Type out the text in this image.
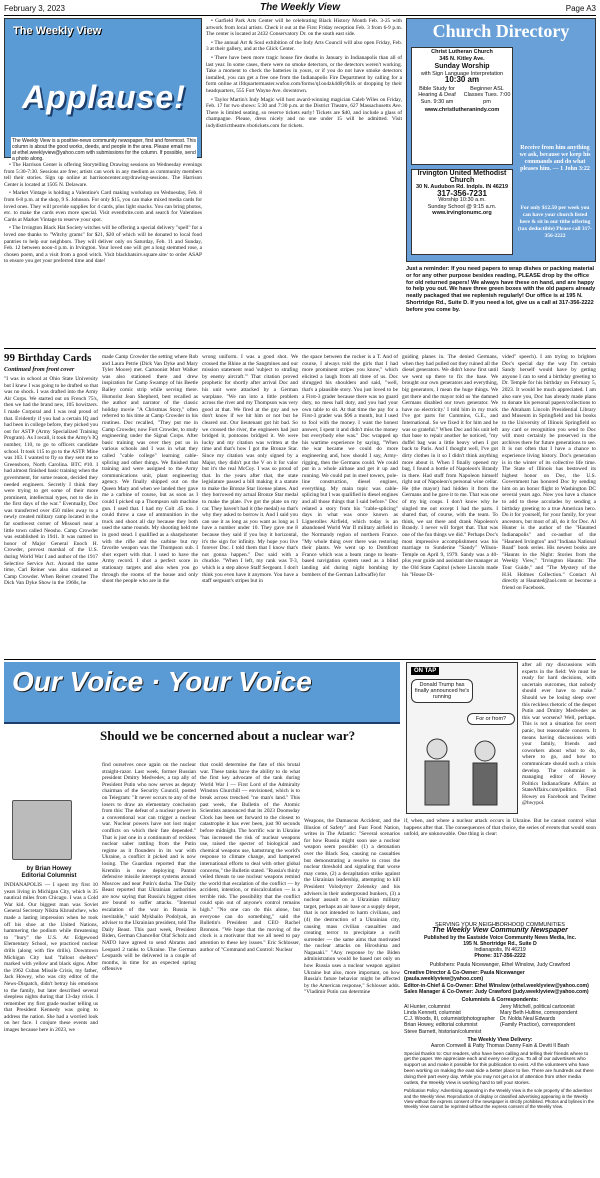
February 3, 2023	The Weekly View	Page A3
The Weekly View
Applause!
The Weekly View is a positive-news community newspaper, first and foremost. This column is about the good works, deeds, and people in the area. Please email me at ethel.weeklyview@yahoo.com with submissions for the column. If possible, send a photo along.

• The Harrison Center is offering Storytelling Drawing sessions on Wednesday evenings from 5:30-7:30. Sessions are free; artists can work in any medium as community members tell their stories. Sign up online at harrisoncenter.org/drawing-sessions. The Harrison Center is located at 1505 N. Delaware.

• Market Vintage is holding a Valentine's Card making workshop on Wednesday, Feb. 8 from 6-8 p.m. at the shop, 9 S. Johnson. For only $15, you can make mixed media cards for loved ones. They will provide supplies for 4 cards, plus light snacks. You can bring photos, etc. to make the cards even more special. Visit eventbrite.com and search for Valentines Cards at Market Vintage to reserve your spot.

• The Irvington Black Hat Society witches will be offering a special delivery "spell" for a loved one thanks to "Witchy grams" for $21, $20 of which will be donated to local food pantries to help our neighbors. They will deliver only on Saturday, Feb. 11 and Sunday, Feb. 12 between noon-4 p.m. in Irvington. Your loved one will get a long stemmed rose, a chosen poem, and a visit from a good witch. Visit blackhatsirv.square.site/ to order ASAP to ensure you get your preferred time and date!

• Garfield Park Arts Center will be celebrating Black History Month Feb. 3-25 with artwork from local artists. Check it out at the First Friday reception Feb. 3 from 6-9 p.m. The center is located at 2432 Conservatory Dr. on the south east side.

• The annual Art & Soul exhibition of the Indy Arts Council will also open Friday, Feb. 3 at their gallery, and at the Glick Center.

• There have been more tragic house fire deaths in January in Indianapolis than all of last year. In some cases, there were no smoke detectors, or the detectors weren't working. Take a moment to check the batteries in yours, or if you do not have smoke detectors installed, you can get a free one from the Indianapolis Fire Department by calling for a form online at ifdquartermaster.wufoo.com/forms/q1oo4zk4d0y9h1k or dropping by their headquarters, 555 Fort Wayne Ave. downtown.

• Taylor Martin's Indy Magic will host award-winning magician Caleb Wiles on Friday, Feb. 17 for two shows: 5:30 and 7:30 p.m. at the District Theatre, 627 Massachusetts Ave. There is limited seating, so reserve tickets early! Tickets are $40, and include a glass of champagne. Please, dress nicely and no one under 15 will be admitted. Visit indydistricttheatre.vbotickets.com for tickets.

Church Directory
Christ Lutheran Church
345 N. Kitley Ave.
Sunday Worship
with Sign Language Interpretation
10:30 am
Bible Study for Hearing & Deaf Sun. 9:30 am
Beginner ASL Classes Tues. 7:00 pm
www.christlutheranindy.com
Receive from him anything we ask, because we keep his commands and do what pleases him. — 1 John 3:22
Irvington United Methodist Church
30 N. Audubon Rd. Indpls. IN 46219
317-356-7231
Worship 10:30 a.m.
Sunday School @ 9:15 a.m.
www.irvingtonumc.org
For only $12.50 per week you can have your church listed here & sit in our tithe offering (tax deductible) Please call 317-356-2222
Just a reminder: If you need papers to wrap dishes or packing material or for any other purpose besides reading, PLEASE drop by the office for old returned papers! We always have these on hand, and are happy to help you out. We have three green boxes with the old papers already neatly packaged that we replenish regularly! Our office is at 195 N. Shortridge Rd., Suite D. If you need a lot, give us a call at 317-356-2222 before you come by.
99 Birthday Cards
Continued from front cover
"I was in school at Ohio State University but I knew I was going to be drafted so that was no shock. I was drafted into the Army Air Corps. We started out on French 75's, then we had the brand new, 105 howitzers. I made Corporal and I was real proud of that. Evidently if you had a certain IQ and had been in college before, they picked you out for ASTP (Army Specialized Training Program). As I recall, it took the Army's IQ number, 110, to go to officers candidate school. It took 115 to go to the ASTP. Mine was 103. I wanted to fly so they sent me to Greensboro, North Carolina. BTC #10. I had almost finished basic training when the government, for some reason, decided they needed engineers. Secretly I think they were trying to get some of their more prominent, intellectual types, not to die in the first days of the war." Eventually, Doc was transferred over 450 miles away to a newly created military camp located in the far southwest corner of Missouri near a little town called Neosho. Camp Crowder was established in 1941. It was named in honor of Major General Enoch H. Crowder, provost marshal of the U.S. during World War I and author of the 1917 Selective Service Act. Around the same time, Carl Reiner was also stationed at Camp Crowder. When Reiner created The Dick Van Dyke Show in the 1960s, he
made Camp Crowder the setting where Rob and Laura Petrie (Dick Van Dyke and Mary Tyler Moore) met. Cartoonist Mort Walker was also stationed there and drew inspiration for Camp Swampy of his Beetle Bailey comic strip while serving there. Humorist Jean Shepherd, best recalled as the author and narrator of the classic holiday movie "A Christmas Story," often referred to his time at Camp Crowder in his routines. Doc recalled, "They put me in Camp Crowder, now Fort Crowder, to study engineering under the Signal Corps. After basic training was over they put us in various schools and I was in what they called "cable college" learning cable-splicing and other things. We finished that training and were assigned to the Army communications unit, plant engineering agency. We finally shipped out on the Queen Mary and when we landed they gave me a carbine of course, but as soon as I could I picked up a Thompson sub machine gun. I used that. I had my Colt .45 too. I could throw a case of ammunition in the truck and shoot all day because they both used the same rounds. My shooting held me in good stead. I qualified as a sharpshooter with the rifle and the carbine but my favorite weapon was the Thompson sub. I shot expert with that. I used to have the Army record. I shot a perfect score in stationary targets and also when you go through the rooms of the house and only shoot the people who are in the
wrong uniform. I was a good shot. We crossed the Rhine at the Sangmines and our mission statement read 'subject to strafing by enemy aircraft.'" That citation proved prophetic for shortly after arrival Doc and his unit were attacked by a German warplane. "We ran into a little problem across the river and my Thompson was very good at that. We fired at the guy and we don't know if we hit him or not but he cleared out. Our lieutenant got hit bad. So we crossed the river, the engineers had just bridged it, pontoons bridged it. We were lucky and my citation was written at the time and that's how I got the Bronze Star. Since my citation was only signed by a Major, they didn't put the V on it for valor but it's the real McCoy. I was so proud of that. In the years after that, the state legislature passed a bill making it a statute to make the Bronze Star license plates. And they borrowed my actual Bronze Star medal to make the plate. I've got the plate on my car. They haven't had it (the medal) so that's why they asked to borrow it. And I said you can use it as long as you want as long as I have a number under 10. They gave me 8 because they said if you buy it horizontal, it's the sign for infinity. My hope you live forever Doc. I told them that I know that's not gonna happen." Doc said with a chuckle. "When I left, my rank was T-3, which is a step above Staff Sergeant. I don't think you even have it anymore. You have a staff sergeant's stripes but in
the space between the rocker is a T. And of course, I always told the girls that I had more prominent stripes you know," which elicited a laugh from all three of us. Doc shrugged his shoulders and said, "well, that's a plausible story. You just loved to be a First-3 grader because there was no guard duty, no mess hall duty, and you had your own table to sit. At that time the pay for a First-3 grader was $96 a month, but I used to fool with the money. I want the honest answer, I spent it and didn't miss the money but everybody else was." Doc wrapped up his wartime experience by saying, "When the war became we could do more engineering and, how should I say, Army-rigging, then the Germans could. We could put in a whole airbase and get it up and running. We could put in steel towers, pole-line construction, diesel engines, everything. My main topic was cable-splicing but I was qualified in diesel engines and all those things that I said before." Doc related a story from his "cable-splicing" days in what was once known as Lignerolles Airfield, which today is an abandoned World War II military airfield in the Normandy region of northern France. "My whole thing over there was restoring their plants. We went up to Domfront France which was a beam range to beam-based navigation system used as a blind landing aid during night bombing by bombers of the German Luftwaffe) for
guiding planes in. The denied Germans, when they had pulled out they ruined all the diesel generators. We didn't know first until we went up there to fix the base. We brought our own generators and everything, big generators, I mean the huge things. We got there and the mayor told us 'the damned Germans disabled our town generator. We have no electricity.' I told him in my truck I've got parts for Cummins, G.E., and International. So we fixed it for him and he was so grateful." When Doc and his unit left that base to repair another he noticed, "my duffel bag was a little heavy when I got back to Paris. And I thought well, I've got dirty clothes in it so I didn't think anything more about it. When I finally opened my bag, I found a bottle of Napoleon's Brandy in there. Had stuff from Napoleon himself right out of Napoleon's personal wine cellar. He (the mayor) had hidden it from the Germans and he gave it to me. That was one of my big coups. I don't know why he singled me out except I had the parts. I shared that, of course, with the team. To think, we sat there and drank Napoleon's Brandy. I never will forget that. That was one of the fun things we did." Perhaps Doc's most impressive accomplishment was his marriage to Sunderine "Sandy" Wilson-Temple on April 9, 1979. Sandy was a 40-plus year guide and assistant site manager at the Old State Capitol (where Lincoln made his "House Di-
vided" speech). I am trying to brighten Doc's special day the way I'm certain Sandy herself would have by getting anyone I can to send a birthday greeting to Dr. Temple for his birthday on February 5, 2023. It would be much appreciated. I am also sure you, Doc has already made plans to donate his personal papers/collections to the Abraham Lincoln Presidential Library and Museum in Springfield and his books to the University of Illinois Springfield so any card or recognition you send to Doc will most certainly be preserved in the archives there for future generations to see. It is not often that I have a chance to experience living history. Doc's generation is in the winter of its collective life time. The State of Illinois has bestowed its highest honor on Doc, the U.S. Government has honored Doc by sending him on an honor flight to Washington DC several years ago. Now you have a chance to add to these accolades by sending a birthday greeting to a true American hero. Do it for yourself, for your family, for your ancestors, but most of all, do it for Doc. Al Hunter is the author of the "Haunted Indianapolis" and co-author of the "Haunted Irvington" and "Indiana National Road" book series. His newest books are "Haunts in the Night: Stories from the Weekly View," "Irvington Haunts: The Tour Guide," and "The Mystery of the H.H. Holmes Collection." Contact Al directly at Haunted@aol.com or become a friend on Facebook.
Our Voice · Your Voice
Should we be concerned about a nuclear war?
ON TAP
Donald Trump has finally announced he's running
For or from?
after all my discussions with experts in the field: We must be ready for hard decisions, with uncertain outcomes, that nobody should ever have to make." Should we be losing sleep over this reckless rhetoric of the despot Putin and Dmitry Medvedev as this war worsens? Well, perhaps. This is not a situation for overt panic, but reasonable concern. It means having discussions with your family, friends and coworkers about what to do, where to go, and how to communicate should such a crisis develop. The columnist is managing editor of Howey Politics Indiana/State Affairs at StateAffairs.com/politics. Find Howey on Facebook and Twitter @hwypol.
by Brian Howey
Editorial Columnist
INDIANAPOLIS — I spent my first 10 years living in Michigan City, which is 35 nautical miles from Chicago. I was a Cold War kid. Our biggest man was Soviet General Secretary Nikita Khrushchev, who made a lasting impression when he took off his shoe at the United Nations, hammering the podium while threatening to "bury" the U.S. At Edgewood Elementary School, we practiced nuclear drills (along with fire drills). Downtown Michigan City had "fallout shelters" marked with yellow and black signs. After the 1962 Cuban Missile Crisis, my father, Jack Howey, who was city editor of the News-Dispatch, didn't betray his emotions to the family, but later described several sleepless nights during that 13-day crisis. I remember my first grade teacher telling us that President Kennedy was going to address the nation. She had a worried look on her face. I conjure these events and images because here in 2023, we
find ourselves once again on the nuclear straight-razor. Last week, former Russian president Dmitry Medvedev, a top ally of President Putin who now serves as deputy chairman of the Security Council, posted on Telegram: "It never occurs to any of the losers to draw an elementary conclusion from this: The defeat of a nuclear power in a conventional war can trigger a nuclear war. Nuclear powers have not lost major conflicts on which their fate depended." That is just one in a continuum of reckless nuclear saber rattling from the Putin regime as it flounders in its war with Ukraine, a conflict it picked and is now losing. The Guardian reported that the Kremlin is now deploying Pantsir defensive missile intercept systems around Moscow and near Putin's dacha. The Daily Beast reported that Ukrainian authorities are now saying that Russia's biggest cities are bound to suffer attacks. "Internal escalation of the war in Russia is inevitable," said Mykhailo Podolyak, an adviser to the Ukrainian president, told The Daily Beast. This past week, President Biden, German Chancellor Olaf Scholz and NATO have agreed to send Abrams and Leopard 2 tanks to Ukraine. The German Leopards will be delivered in a couple of months, in time for an expected spring offensive
that could determine the fate of this brutal war. These tanks have the ability to do what the first key advocate of the tank during World War I — First Lord of the Admiralty Winston Churchill — envisioned, which is to break across trenched "no man's land." This past week, the Bulletin of the Atomic Scientists announced that its 2023 Doomsday Clock has been set forward to the closest to catastrophe it has ever been, just 90 seconds before midnight. The horrific war in Ukraine "has increased the risk of nuclear weapons use, raised the specter of biological and chemical weapons use, hamstrung the world's response to climate change, and hampered international efforts to deal with other global concerns," the Bulletin stated. "Russia's thinly veiled threats to use nuclear weapons remind the world that escalation of the conflict — by accident, intention, or miscalculation — is a terrible risk. The possibility that the conflict could spin out of anyone's control remains high." "No one can do this alone, but everyone can do something," said the Bulletin's President and CEO Rachel Bronson. "We hope that the moving of the clock is a motivator that we all need to pay attention to these key issues." Eric Schlosser, author of "Command and Control: Nuclear
Weapons, the Damascus Accident, and the Illusion of Safety" and Fast Food Nation, writes in The Atlantic: "Several scenarios for how Russia might soon use a nuclear weapon seem possible: (1) a detonation over the Black Sea, causing no casualties but demonstrating a resolve to cross the nuclear threshold and signaling that worse may come, (2) a decapitation strike against the Ukrainian leadership, attempting to kill President Volodymyr Zelensky and his advisers in their underground bunkers, (3) a nuclear assault on a Ukrainian military target, perhaps an air base or a supply depot, that is not intended to harm civilians, and (4) the destruction of a Ukrainian city, causing mass civilian casualties and creating terror to precipitate a swift surrender — the same aims that motivated the nuclear attacks on Hiroshima and Nagasaki." "Any response by the Biden administration would be based not only on how Russia uses a nuclear weapon against Ukraine but also, more important, on how Russia's future behavior might be affected by the American response," Schlosser adds. "Vladimir Putin can determine
if, when, and where a nuclear attack occurs in Ukraine. But he cannot control what happens after that. The consequences of that choice, the series of events that would soon unfold, are unknowable. One thing is clear:
SERVING YOUR NEIGHBORHOOD COMMUNITIES
The Weekly View Community Newspaper
Published by the Eastside Voice Community News Media, Inc.
195 N. Shortridge Rd., Suite D
Indianapolis, IN 46219
Phone: 317-356-2222
Publishers: Paula Nicewanger, Ethel Winslow, Judy Crawford
Creative Director & Co-Owner: Paula Nicewanger (paula.weeklyview@yahoo.com)
Editor-in-Chief & Co-Owner: Ethel Winslow (ethel.weeklyview@yahoo.com)
Sales Manager & Co-Owner: Judy Crawford (judy.weeklyview@yahoo.com)
Columnists & Correspondents:
Al Hunter, columnist
Linda Kennett, columnist
C.J. Woods, III, columnist/photographer
Brian Howey, editorial columnist
Steve Barnett, historian/columnist
Jerry Mitchell, political cartoonist
Mary Beth Hultine, correspondent
Dr. Nolda Neal Edwards
(Family Practice), correspondent
The Weekly View Delivery:
Aaron Cornwell & Patty Thomas Danny Fain & Deviti Il Bash
Special thanks to: Our readers, who have been calling and telling their friends where to get the paper. We appreciate each and every one of you. To all of our advertisers who support us and make it possible for this publication to exist. All the volunteers who have been working on making the east side a better place to live. There are hundreds out there doing their part every day. While you may not get a lot of attention from other media outlets, the Weekly View is working hard to tell your stories.
Publication Policy: Advertising appearing in the Weekly View is the sole property of the advertiser and the Weekly View. Reproduction of display or classified advertising appearing in the Weekly View without the express consent of the newspaper is strictly prohibited. Photos and bylines in the Weekly View cannot be reprinted without the express consent of the Weekly View.
